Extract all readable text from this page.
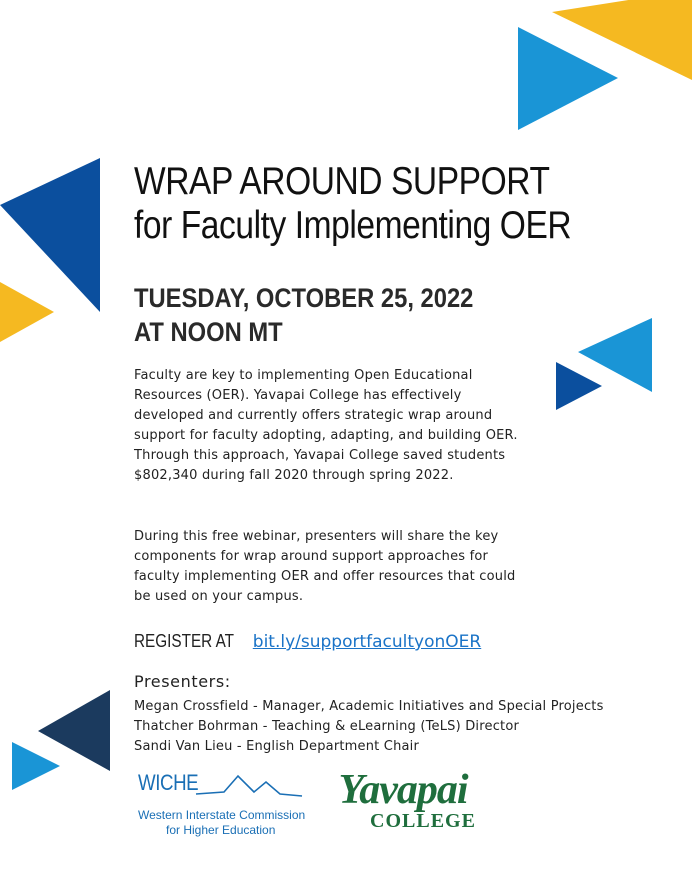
WRAP AROUND SUPPORT
for Faculty Implementing OER
TUESDAY, OCTOBER 25, 2022
AT NOON MT

Faculty are key to implementing Open Educational Resources (OER). Yavapai College has effectively developed and currently offers strategic wrap around support for faculty adopting, adapting, and building OER. Through this approach, Yavapai College saved students $802,340 during fall 2020 through spring 2022.

During this free webinar, presenters will share the key components for wrap around support approaches for faculty implementing OER and offer resources that could be used on your campus.

REGISTER AT bit.ly/supportfacultyonOER
Presenters:
Megan Crossfield - Manager, Academic Initiatives and Special Projects
Thatcher Bohrman - Teaching & eLearning (TeLS) Director
Sandi Van Lieu - English Department Chair
WICHE
Western Interstate Commission
for Higher Education
Yavapai
COLLEGE
